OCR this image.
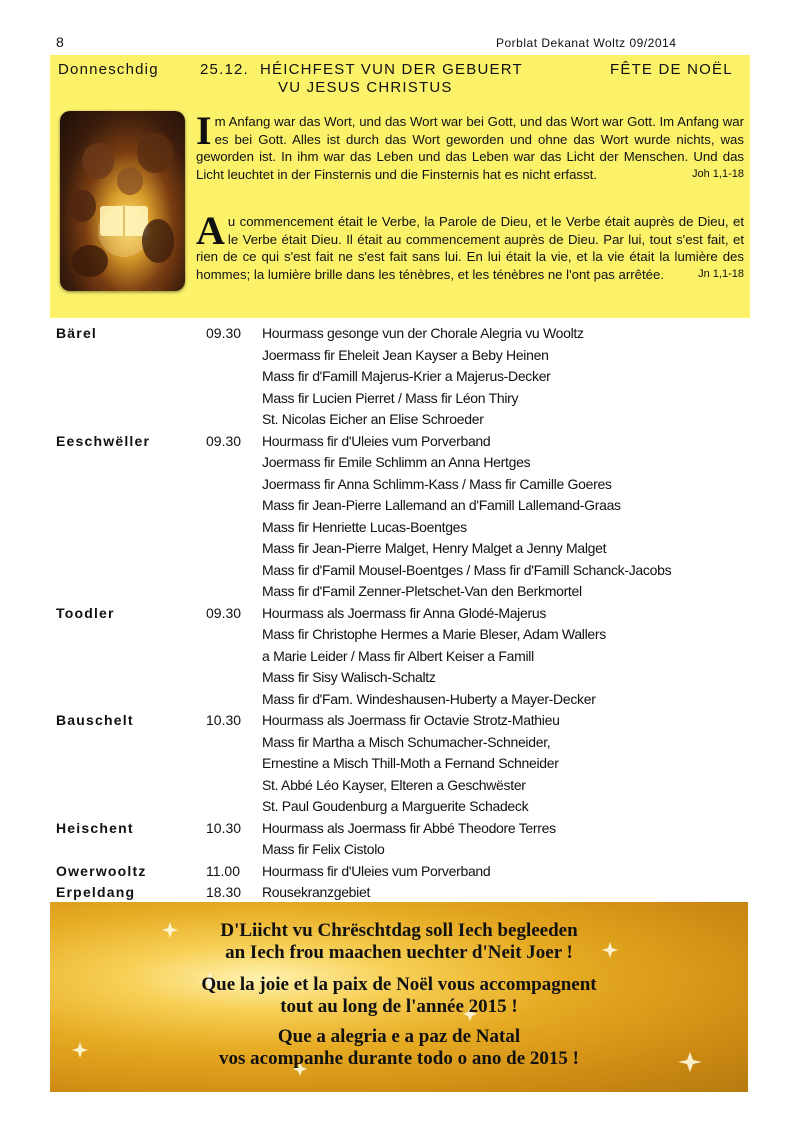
8	Porblat Dekanat Woltz 09/2014
Donneschdig	25.12. HÉICHFEST VUN DER GEBUERT
VU JESUS CHRISTUS
FÊTE DE NOËL
Im Anfang war das Wort, und das Wort war bei Gott, und das Wort war Gott. Im Anfang war es bei Gott. Alles ist durch das Wort geworden und ohne das Wort wurde nichts, was geworden ist. In ihm war das Leben und das Leben war das Licht der Menschen. Und das Licht leuchtet in der Finsternis und die Finsternis hat es nicht erfasst.	Joh 1,1-18
Au commencement était le Verbe, la Parole de Dieu, et le Verbe était auprès de Dieu, et le Verbe était Dieu. Il était au commencement auprès de Dieu. Par lui, tout s'est fait, et rien de ce qui s'est fait ne s'est fait sans lui. En lui était la vie, et la vie était la lumière des hommes; la lumière brille dans les ténèbres, et les ténèbres ne l'ont pas arrêtée.	Jn 1,1-18
Bärel	09.30 Hourmass gesonge vun der Chorale Alegria vu Wooltz
Joermass fir Eheleit Jean Kayser a Beby Heinen
Mass fir d'Famill Majerus-Krier a Majerus-Decker
Mass fir Lucien Pierret / Mass fir Léon Thiry
St. Nicolas Eicher an Elise Schroeder
Eeschwëller	09.30 Hourmass fir d'Uleies vum Porverband
Joermass fir Emile Schlimm an Anna Hertges
Joermass fir Anna Schlimm-Kass / Mass fir Camille Goeres
Mass fir Jean-Pierre Lallemand an d'Famill Lallemand-Graas
Mass fir Henriette Lucas-Boentges
Mass fir Jean-Pierre Malget, Henry Malget a Jenny Malget
Mass fir d'Famil Mousel-Boentges / Mass fir d'Famill Schanck-Jacobs
Mass fir d'Famil Zenner-Pletschet-Van den Berkmortel
Toodler	09.30 Hourmass als Joermass fir Anna Glodé-Majerus
Mass fir Christophe Hermes a Marie Bleser, Adam Wallers
a Marie Leider / Mass fir Albert Keiser a Famill
Mass fir Sisy Walisch-Schaltz
Mass fir d'Fam. Windeshausen-Huberty a Mayer-Decker
Bauschelt	10.30 Hourmass als Joermass fir Octavie Strotz-Mathieu
Mass fir Martha a Misch Schumacher-Schneider,
Ernestine a Misch Thill-Moth a Fernand Schneider
St. Abbé Léo Kayser, Elteren a Geschwëster
St. Paul Goudenburg a Marguerite Schadeck
Heischent	10.30 Hourmass als Joermass fir Abbé Theodore Terres
Mass fir Felix Cistolo
Owerwooltz	11.00 Hourmass fir d'Uleies vum Porverband
Erpeldang	18.30 Rousekranzgebiet
D'Liicht vu Chrëschtdag soll Iech begleeden
an Iech frou maachen uechter d'Neit Joer !
Que la joie et la paix de Noël vous accompagnent
tout au long de l'année 2015 !
Que a alegria e a paz de Natal
vos acompanhe durante todo o ano de 2015 !
